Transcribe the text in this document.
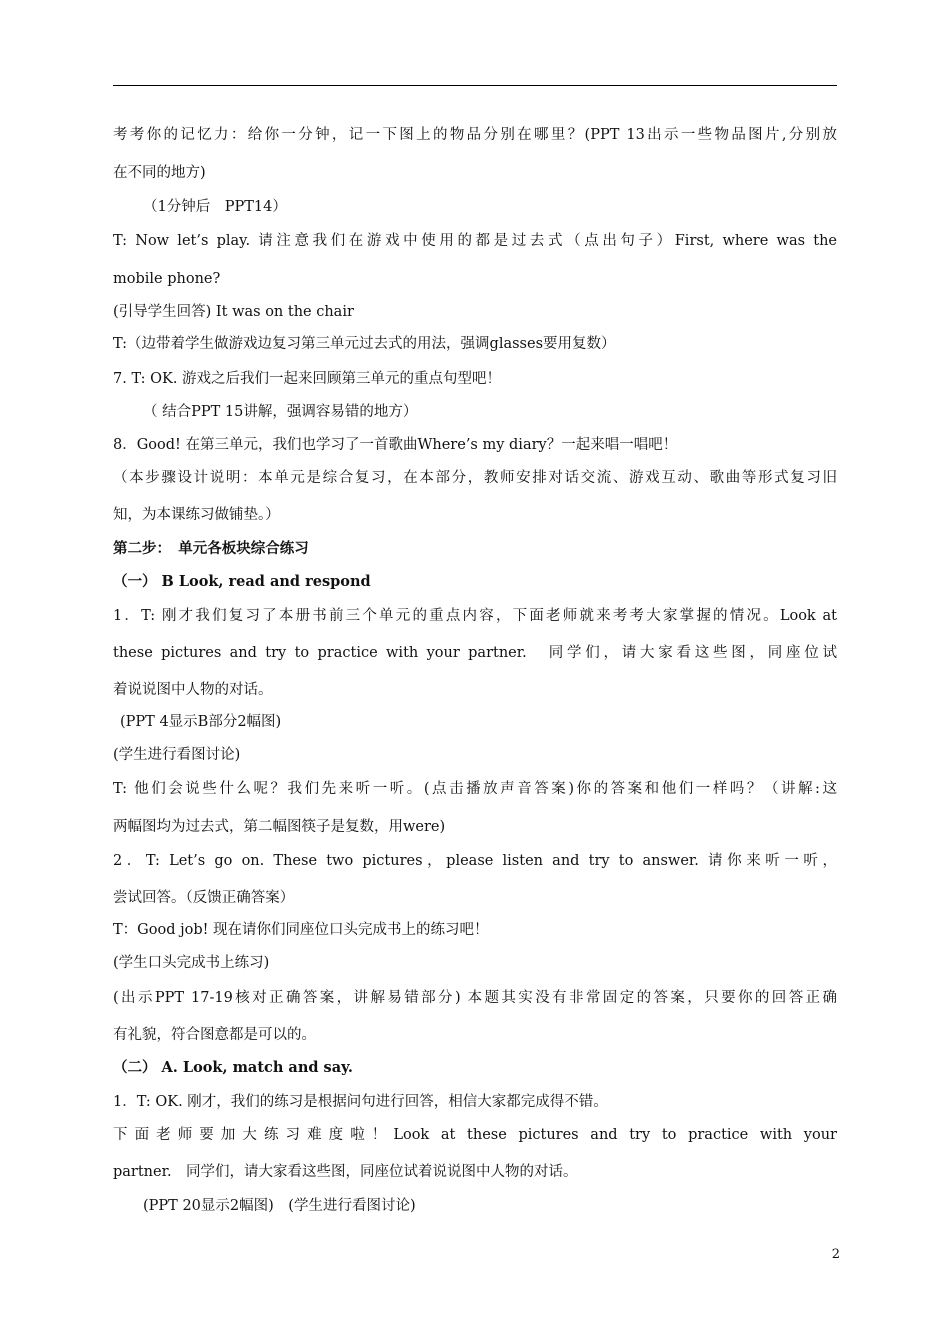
考考你的记忆力：给你一分钟，记一下图上的物品分别在哪里？(PPT 13出示一些物品图片,分别放
在不同的地方)
（1分钟后　PPT14）
T: Now let’s play. 请注意我们在游戏中使用的都是过去式（点出句子）First, where was the
mobile phone?
(引导学生回答) It was on the chair
T:（边带着学生做游戏边复习第三单元过去式的用法，强调glasses要用复数）
7. T: OK. 游戏之后我们一起来回顾第三单元的重点句型吧！
（ 结合PPT 15讲解，强调容易错的地方）
8．Good! 在第三单元，我们也学习了一首歌曲Where’s my diary？一起来唱一唱吧！
（本步骤设计说明：本单元是综合复习，在本部分，教师安排对话交流、游戏互动、歌曲等形式复习旧
知，为本课练习做铺垫。）
第二步：　单元各板块综合练习
（一） B Look, read and respond
1．T: 刚才我们复习了本册书前三个单元的重点内容，下面老师就来考考大家掌握的情况。Look at
these pictures and try to practice with your partner.　同学们，请大家看这些图，同座位试
着说说图中人物的对话。
(PPT 4显示B部分2幅图)
(学生进行看图讨论)
T: 他们会说些什么呢？我们先来听一听。(点击播放声音答案)你的答案和他们一样吗？（讲解:这
两幅图均为过去式，第二幅图筷子是复数，用were)
2．T: Let’s go on. These two pictures，please listen and try to answer. 请你来听一听，
尝试回答。（反馈正确答案）
T：Good job! 现在请你们同座位口头完成书上的练习吧！
(学生口头完成书上练习)
(出示PPT 17-19核对正确答案，讲解易错部分) 本题其实没有非常固定的答案，只要你的回答正确
有礼貌，符合图意都是可以的。
（二） A. Look, match and say.
1．T: OK. 刚才，我们的练习是根据问句进行回答，相信大家都完成得不错。
下面老师要加大练习难度啦！Look at these pictures and try to practice with your
partner.　同学们，请大家看这些图，同座位试着说说图中人物的对话。
(PPT 20显示2幅图)　(学生进行看图讨论)
2
